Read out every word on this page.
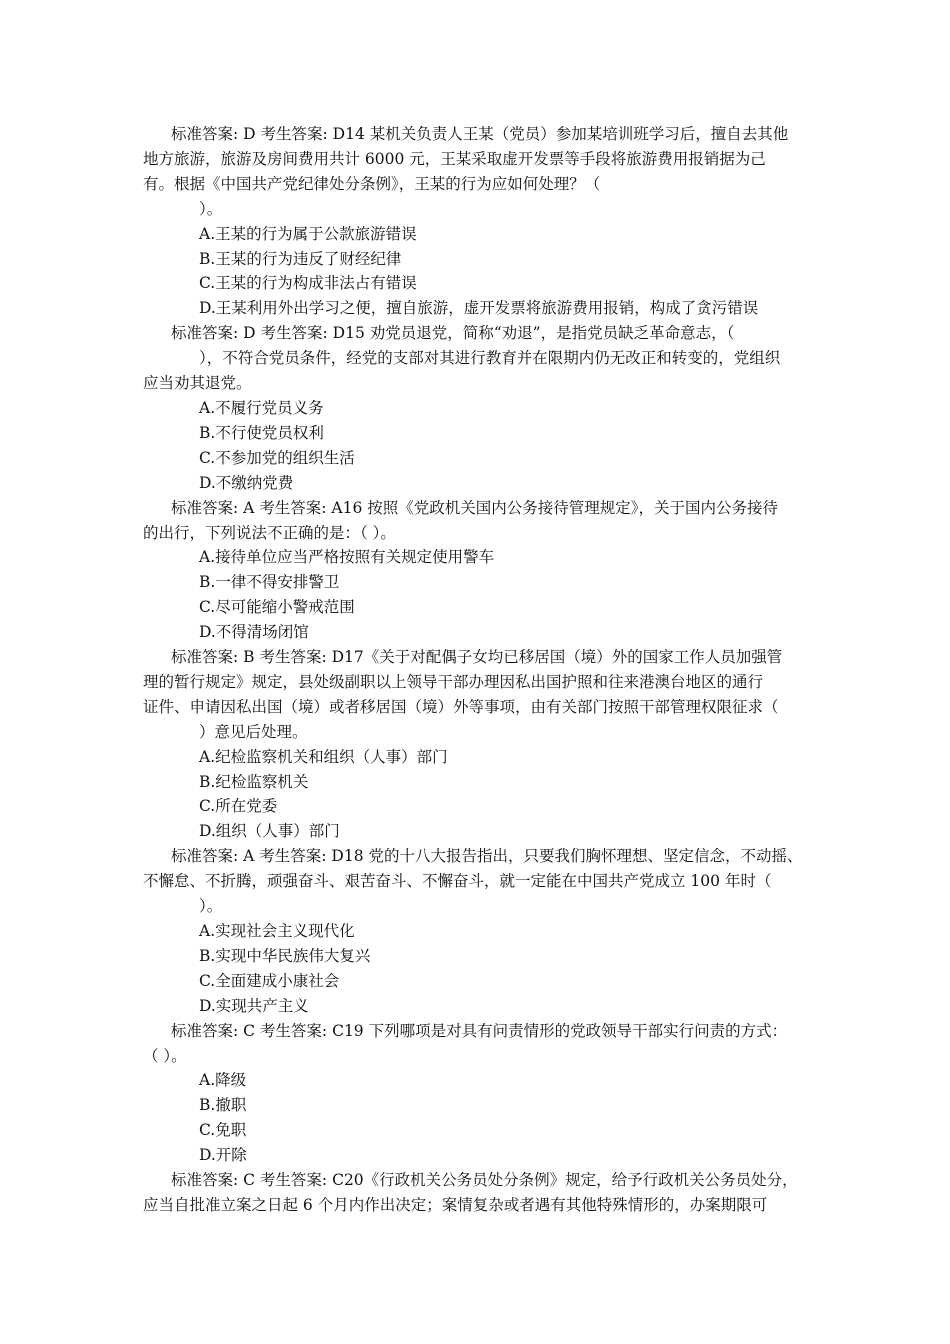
标准答案: D 考生答案: D14 某机关负责人王某（党员）参加某培训班学习后，擅自去其他
地方旅游，旅游及房间费用共计 6000 元，王某采取虚开发票等手段将旅游费用报销据为己
有。根据《中国共产党纪律处分条例》，王某的行为应如何处理？（
）。
A.王某的行为属于公款旅游错误
B.王某的行为违反了财经纪律
C.王某的行为构成非法占有错误
D.王某利用外出学习之便，擅自旅游，虚开发票将旅游费用报销，构成了贪污错误
标准答案: D 考生答案: D15 劝党员退党，简称“劝退”，是指党员缺乏革命意志，（
），不符合党员条件，经党的支部对其进行教育并在限期内仍无改正和转变的，党组织
应当劝其退党。
A.不履行党员义务
B.不行使党员权利
C.不参加党的组织生活
D.不缴纳党费
标准答案: A 考生答案: A16 按照《党政机关国内公务接待管理规定》，关于国内公务接待
的出行，下列说法不正确的是：（ ）。
A.接待单位应当严格按照有关规定使用警车
B.一律不得安排警卫
C.尽可能缩小警戒范围
D.不得清场闭馆
标准答案: B 考生答案: D17《关于对配偶子女均已移居国（境）外的国家工作人员加强管
理的暂行规定》规定，县处级副职以上领导干部办理因私出国护照和往来港澳台地区的通行
证件、申请因私出国（境）或者移居国（境）外等事项，由有关部门按照干部管理权限征求（
）意见后处理。
A.纪检监察机关和组织（人事）部门
B.纪检监察机关
C.所在党委
D.组织（人事）部门
标准答案: A 考生答案: D18 党的十八大报告指出，只要我们胸怀理想、坚定信念，不动摇、
不懈怠、不折腾，顽强奋斗、艰苦奋斗、不懈奋斗，就一定能在中国共产党成立 100 年时（
）。
A.实现社会主义现代化
B.实现中华民族伟大复兴
C.全面建成小康社会
D.实现共产主义
标准答案: C 考生答案: C19 下列哪项是对具有问责情形的党政领导干部实行问责的方式：
（ ）。
A.降级
B.撤职
C.免职
D.开除
标准答案: C 考生答案: C20《行政机关公务员处分条例》规定，给予行政机关公务员处分，
应当自批准立案之日起 6 个月内作出决定；案情复杂或者遇有其他特殊情形的，办案期限可
